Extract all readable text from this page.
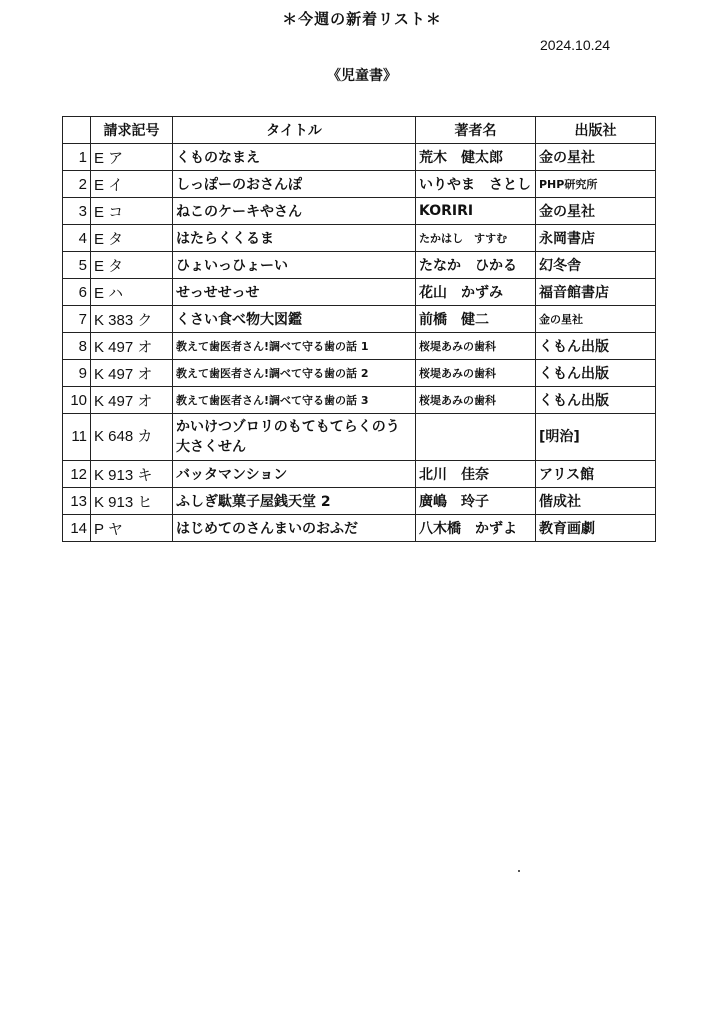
＊今週の新着リスト＊
2024.10.24
《児童書》
	請求記号	タイトル	著者名	出版社
1	E ア	くものなまえ	荒木　健太郎	金の星社
2	E イ	しっぽーのおさんぽ	いりやま　さとし	PHP研究所
3	E コ	ねこのケーキやさん	KORIRI	金の星社
4	E タ	はたらくくるま	たかはし　すすむ	永岡書店
5	E タ	ひょいっひょーい	たなか　ひかる	幻冬舎
6	E ハ	せっせせっせ	花山　かずみ	福音館書店
7	K 383 ク	くさい食べ物大図鑑	前橋　健二	金の星社
8	K 497 オ	教えて歯医者さん!調べて守る歯の話 1	桜堤あみの歯科	くもん出版
9	K 497 オ	教えて歯医者さん!調べて守る歯の話 2	桜堤あみの歯科	くもん出版
10	K 497 オ	教えて歯医者さん!調べて守る歯の話 3	桜堤あみの歯科	くもん出版
11	K 648 カ	かいけつゾロリのもてもてらくのう大さくせん		[明治]
12	K 913 キ	バッタマンション	北川　佳奈	アリス館
13	K 913 ヒ	ふしぎ駄菓子屋銭天堂 2	廣嶋　玲子	偕成社
14	P ヤ	はじめてのさんまいのおふだ	八木橋　かずよ	教育画劇
